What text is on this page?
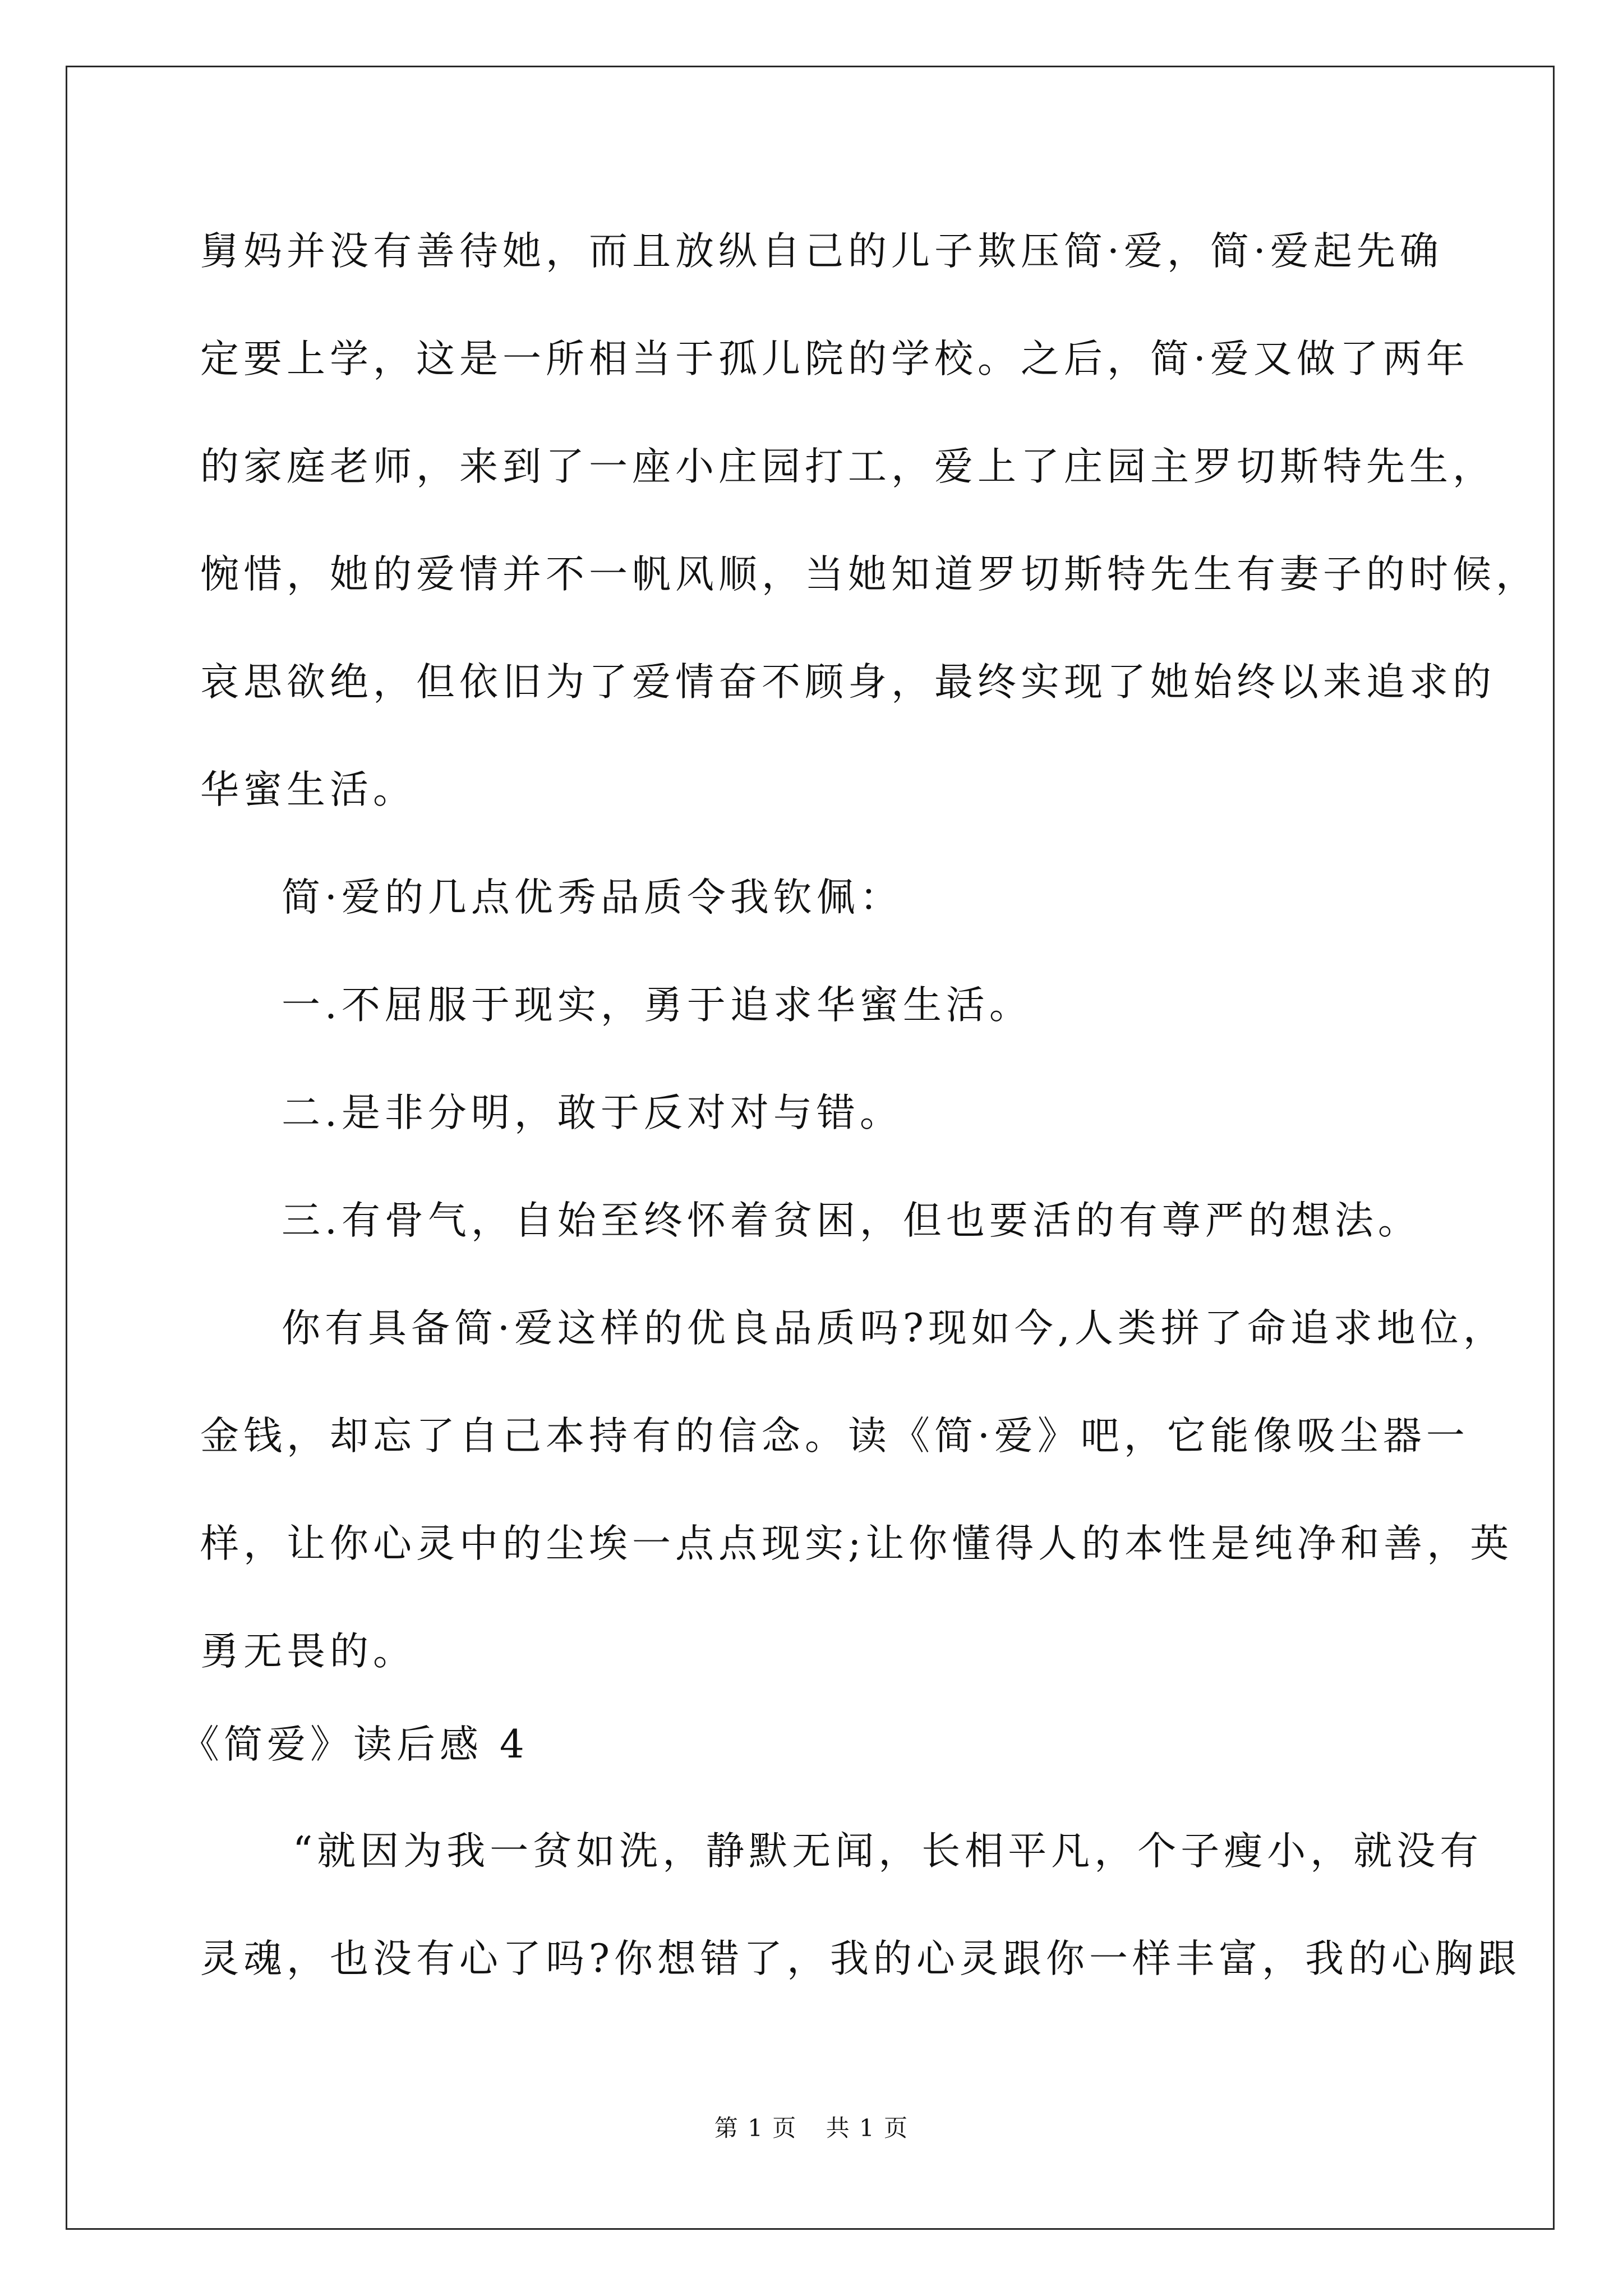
舅妈并没有善待她，而且放纵自己的儿子欺压简·爱，简·爱起先确
定要上学，这是一所相当于孤儿院的学校。之后，简·爱又做了两年
的家庭老师，来到了一座小庄园打工，爱上了庄园主罗切斯特先生，
惋惜，她的爱情并不一帆风顺，当她知道罗切斯特先生有妻子的时候，
哀思欲绝，但依旧为了爱情奋不顾身，最终实现了她始终以来追求的
华蜜生活。
简·爱的几点优秀品质令我钦佩：
一.不屈服于现实，勇于追求华蜜生活。
二.是非分明，敢于反对对与错。
三.有骨气，自始至终怀着贫困，但也要活的有尊严的想法。
你有具备简·爱这样的优良品质吗?现如今,人类拼了命追求地位，
金钱，却忘了自己本持有的信念。读《简·爱》吧，它能像吸尘器一
样，让你心灵中的尘埃一点点现实;让你懂得人的本性是纯净和善，英
勇无畏的。
《简爱》读后感 4
“就因为我一贫如洗，静默无闻，长相平凡，个子瘦小，就没有
灵魂，也没有心了吗?你想错了，我的心灵跟你一样丰富，我的心胸跟
第 1 页 共 1 页
